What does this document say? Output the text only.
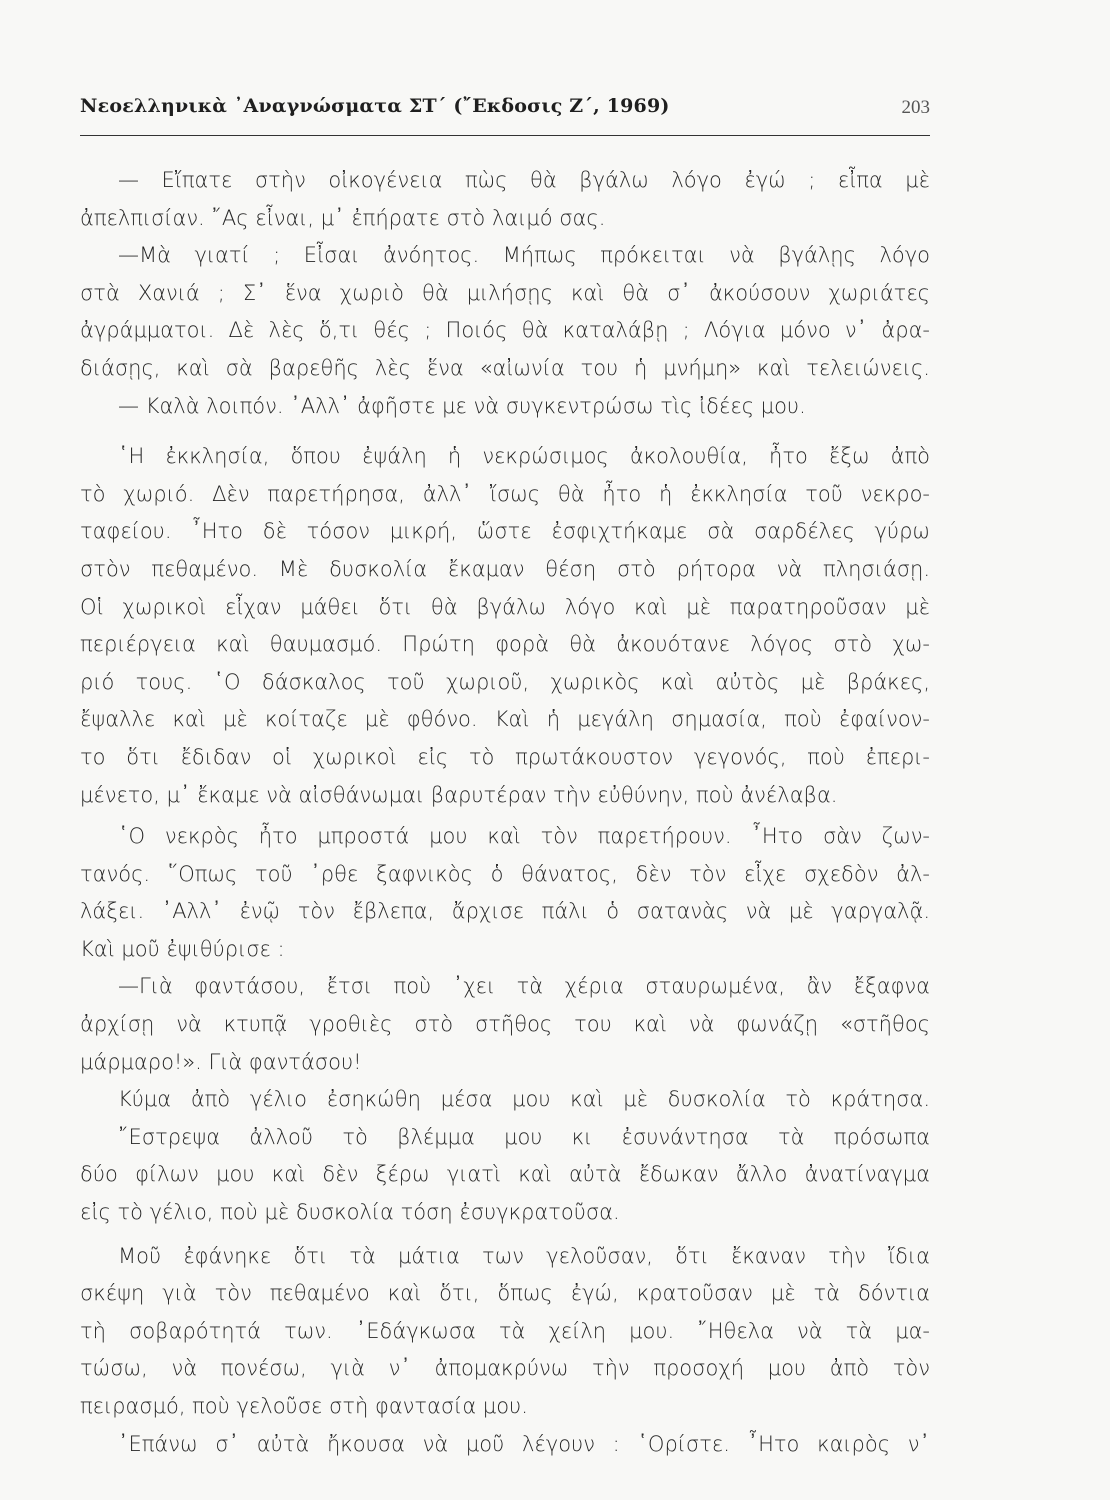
Νεοελληνικὰ ᾿Αναγνώσματα ΣΤ΄ (῎Εκδοσις Ζ΄, 1969)	203
— Εἴπατε στὴν οἰκογένεια πὼς θὰ βγάλω λόγο ἐγώ ; εἶπα μὲ
ἀπελπισίαν. ῎Ας εἶναι, μ᾿ ἐπήρατε στὸ λαιμό σας.
—Μὰ γιατί ; Εἶσαι ἀνόητος. Μήπως πρόκειται νὰ βγάλῃς λόγο
στὰ Χανιά ; Σ᾿ ἕνα χωριὸ θὰ μιλήσῃς καὶ θὰ σ᾿ ἀκούσουν χωριάτες
ἀγράμματοι. Δὲ λὲς ὅ,τι θές ; Ποιός θὰ καταλάβῃ ; Λόγια μόνο ν᾿ ἀρα-
διάσῃς, καὶ σὰ βαρεθῆς λὲς ἕνα «αἰωνία του ἡ μνήμη» καὶ τελειώνεις.
— Καλὰ λοιπόν. ᾿Αλλ᾿ ἀφῆστε με νὰ συγκεντρώσω τὶς ἰδέες μου.
῾Η ἐκκλησία, ὅπου ἐψάλη ἡ νεκρώσιμος ἀκολουθία, ἦτο ἔξω ἀπὸ
τὸ χωριό. Δὲν παρετήρησα, ἀλλ᾿ ἴσως θὰ ἦτο ἡ ἐκκλησία τοῦ νεκρο-
ταφείου. ῏Ητο δὲ τόσον μικρή, ὥστε ἐσφιχτήκαμε σὰ σαρδέλες γύρω
στὸν πεθαμένο. Μὲ δυσκολία ἔκαμαν θέση στὸ ρήτορα νὰ πλησιάσῃ.
Οἱ χωρικοὶ εἶχαν μάθει ὅτι θὰ βγάλω λόγο καὶ μὲ παρατηροῦσαν μὲ
περιέργεια καὶ θαυμασμό. Πρώτη φορὰ θὰ ἀκουότανε λόγος στὸ χω-
ριό τους. ῾Ο δάσκαλος τοῦ χωριοῦ, χωρικὸς καὶ αὐτὸς μὲ βράκες,
ἔψαλλε καὶ μὲ κοίταζε μὲ φθόνο. Καὶ ἡ μεγάλη σημασία, ποὺ ἐφαίνον-
το ὅτι ἔδιδαν οἱ χωρικοὶ εἰς τὸ πρωτάκουστον γεγονός, ποὺ ἐπερι-
μένετο, μ᾿ ἔκαμε νὰ αἰσθάνωμαι βαρυτέραν τὴν εὐθύνην, ποὺ ἀνέλαβα.
῾Ο νεκρὸς ἦτο μπροστά μου καὶ τὸν παρετήρουν. ῏Ητο σὰν ζων-
τανός. ῞Οπως τοῦ ᾿ρθε ξαφνικὸς ὁ θάνατος, δὲν τὸν εἶχε σχεδὸν ἀλ-
λάξει. ᾿Αλλ᾿ ἐνῷ τὸν ἔβλεπα, ἄρχισε πάλι ὁ σατανὰς νὰ μὲ γαργαλᾷ.
Καὶ μοῦ ἐψιθύρισε :
—Γιὰ φαντάσου, ἔτσι ποὺ ᾿χει τὰ χέρια σταυρωμένα, ἂν ἔξαφνα
ἀρχίσῃ νὰ κτυπᾷ γροθιὲς στὸ στῆθος του καὶ νὰ φωνάζῃ «στῆθος
μάρμαρο!». Γιὰ φαντάσου!
Κύμα ἀπὸ γέλιο ἐσηκώθη μέσα μου καὶ μὲ δυσκολία τὸ κράτησα.
῎Εστρεψα ἀλλοῦ τὸ βλέμμα μου κι ἐσυνάντησα τὰ πρόσωπα
δύο φίλων μου καὶ δὲν ξέρω γιατὶ καὶ αὐτὰ ἔδωκαν ἄλλο ἀνατίναγμα
εἰς τὸ γέλιο, ποὺ μὲ δυσκολία τόση ἐσυγκρατοῦσα.
Μοῦ ἐφάνηκε ὅτι τὰ μάτια των γελοῦσαν, ὅτι ἔκαναν τὴν ἴδια
σκέψη γιὰ τὸν πεθαμένο καὶ ὅτι, ὅπως ἐγώ, κρατοῦσαν μὲ τὰ δόντια
τὴ σοβαρότητά των. ᾿Εδάγκωσα τὰ χείλη μου. ῎Ηθελα νὰ τὰ μα-
τώσω, νὰ πονέσω, γιὰ ν᾿ ἀπομακρύνω τὴν προσοχή μου ἀπὸ τὸν
πειρασμό, ποὺ γελοῦσε στὴ φαντασία μου.
᾿Επάνω σ᾿ αὐτὰ ἤκουσα νὰ μοῦ λέγουν : ῾Ορίστε. ῏Ητο καιρὸς ν᾿
